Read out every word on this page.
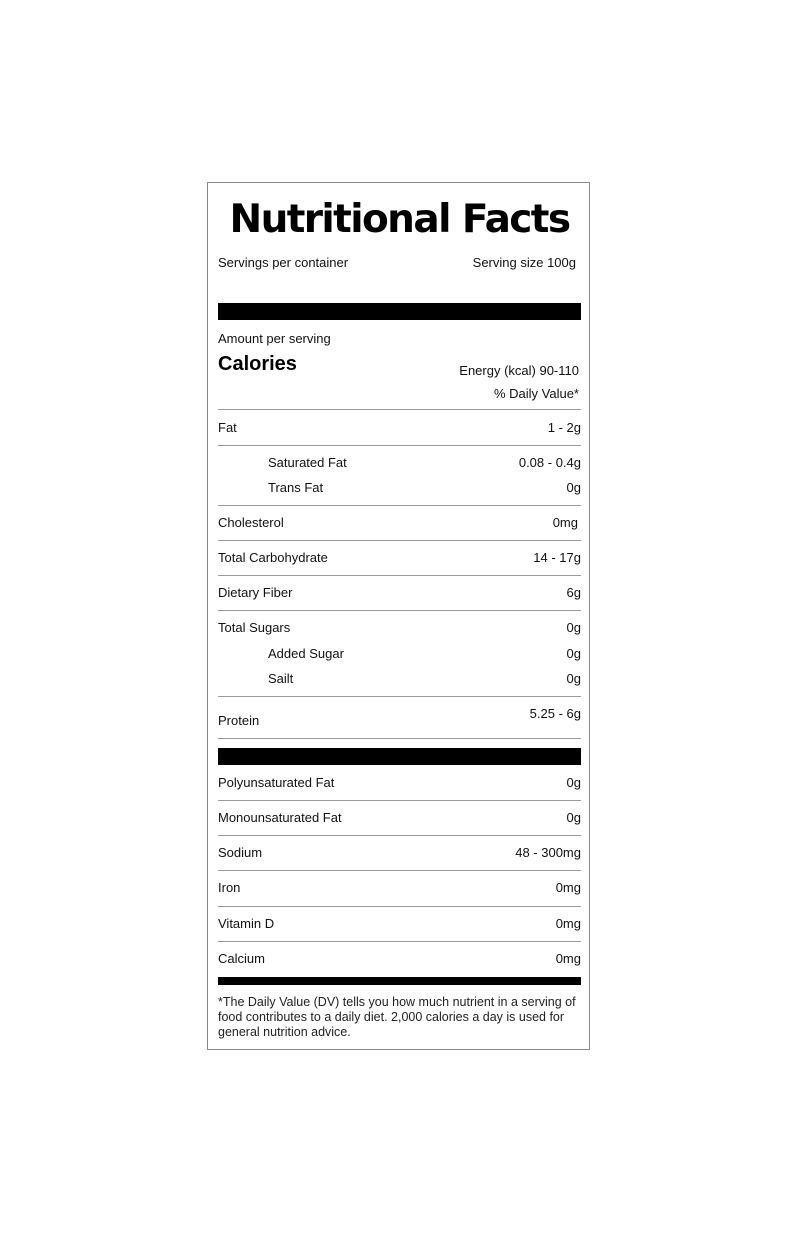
Nutritional Facts
Servings per container	Serving size 100g
Amount per serving
Calories	Energy (kcal) 90-110
% Daily Value*
Fat	1 - 2g
Saturated Fat	0.08 - 0.4g
Trans Fat	0g
Cholesterol	0mg
Total Carbohydrate	14 - 17g
Dietary Fiber	6g
Total Sugars	0g
Added Sugar	0g
Sailt	0g
Protein	5.25 - 6g
Polyunsaturated Fat	0g
Monounsaturated Fat	0g
Sodium	48 - 300mg
Iron	0mg
Vitamin D	0mg
Calcium	0mg
*The Daily Value (DV) tells you how much nutrient in a serving of food contributes to a daily diet. 2,000 calories a day is used for general nutrition advice.
